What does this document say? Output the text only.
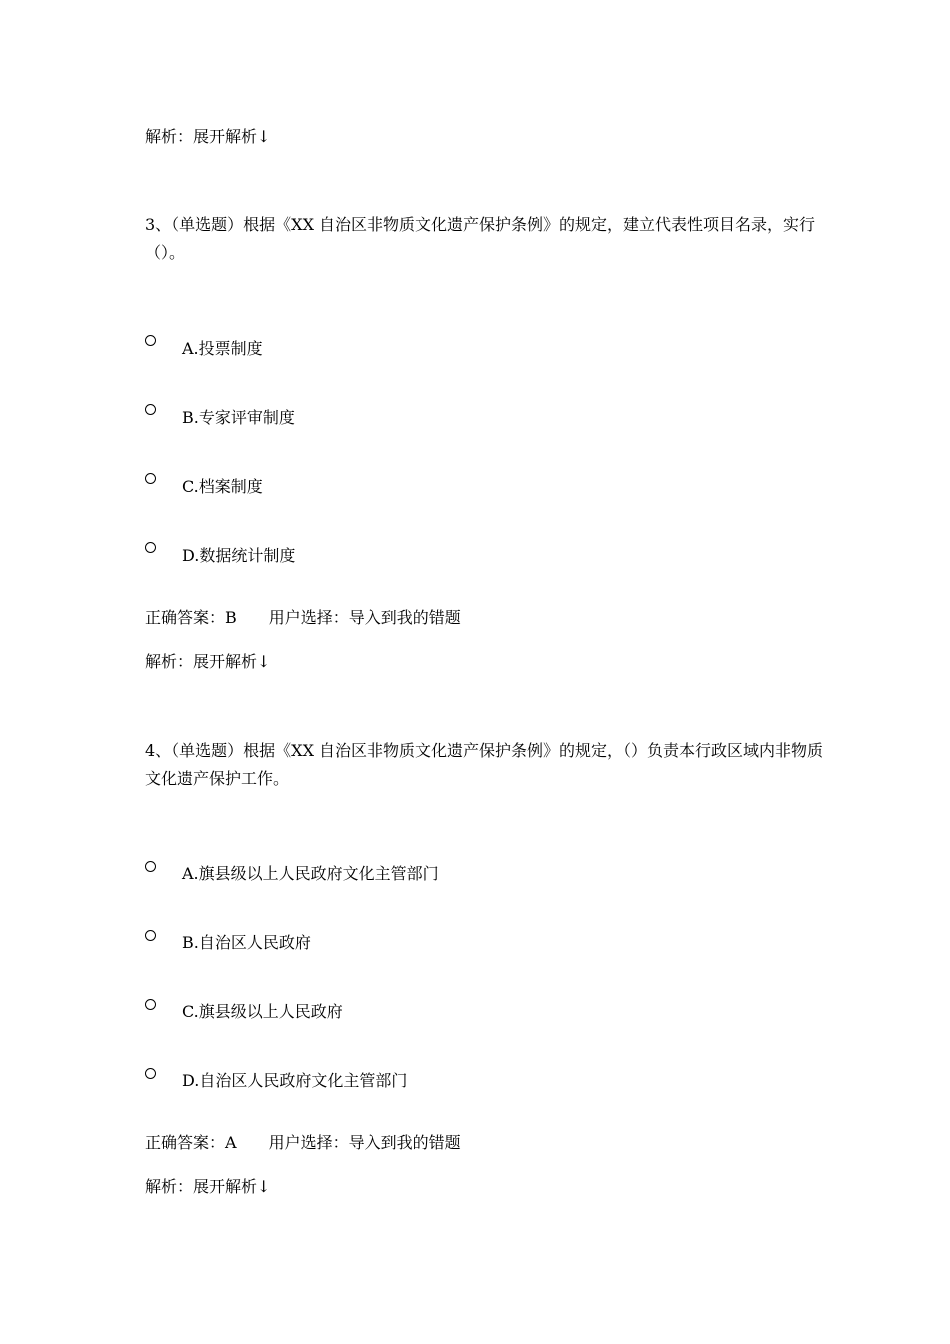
解析：展开解析↓
3、（单选题）根据《XX 自治区非物质文化遗产保护条例》的规定，建立代表性项目名录，实行（）。
A.投票制度
B.专家评审制度
C.档案制度
D.数据统计制度
正确答案：B 用户选择：导入到我的错题
解析：展开解析↓
4、（单选题）根据《XX 自治区非物质文化遗产保护条例》的规定，（）负责本行政区域内非物质文化遗产保护工作。
A.旗县级以上人民政府文化主管部门
B.自治区人民政府
C.旗县级以上人民政府
D.自治区人民政府文化主管部门
正确答案：A 用户选择：导入到我的错题
解析：展开解析↓
